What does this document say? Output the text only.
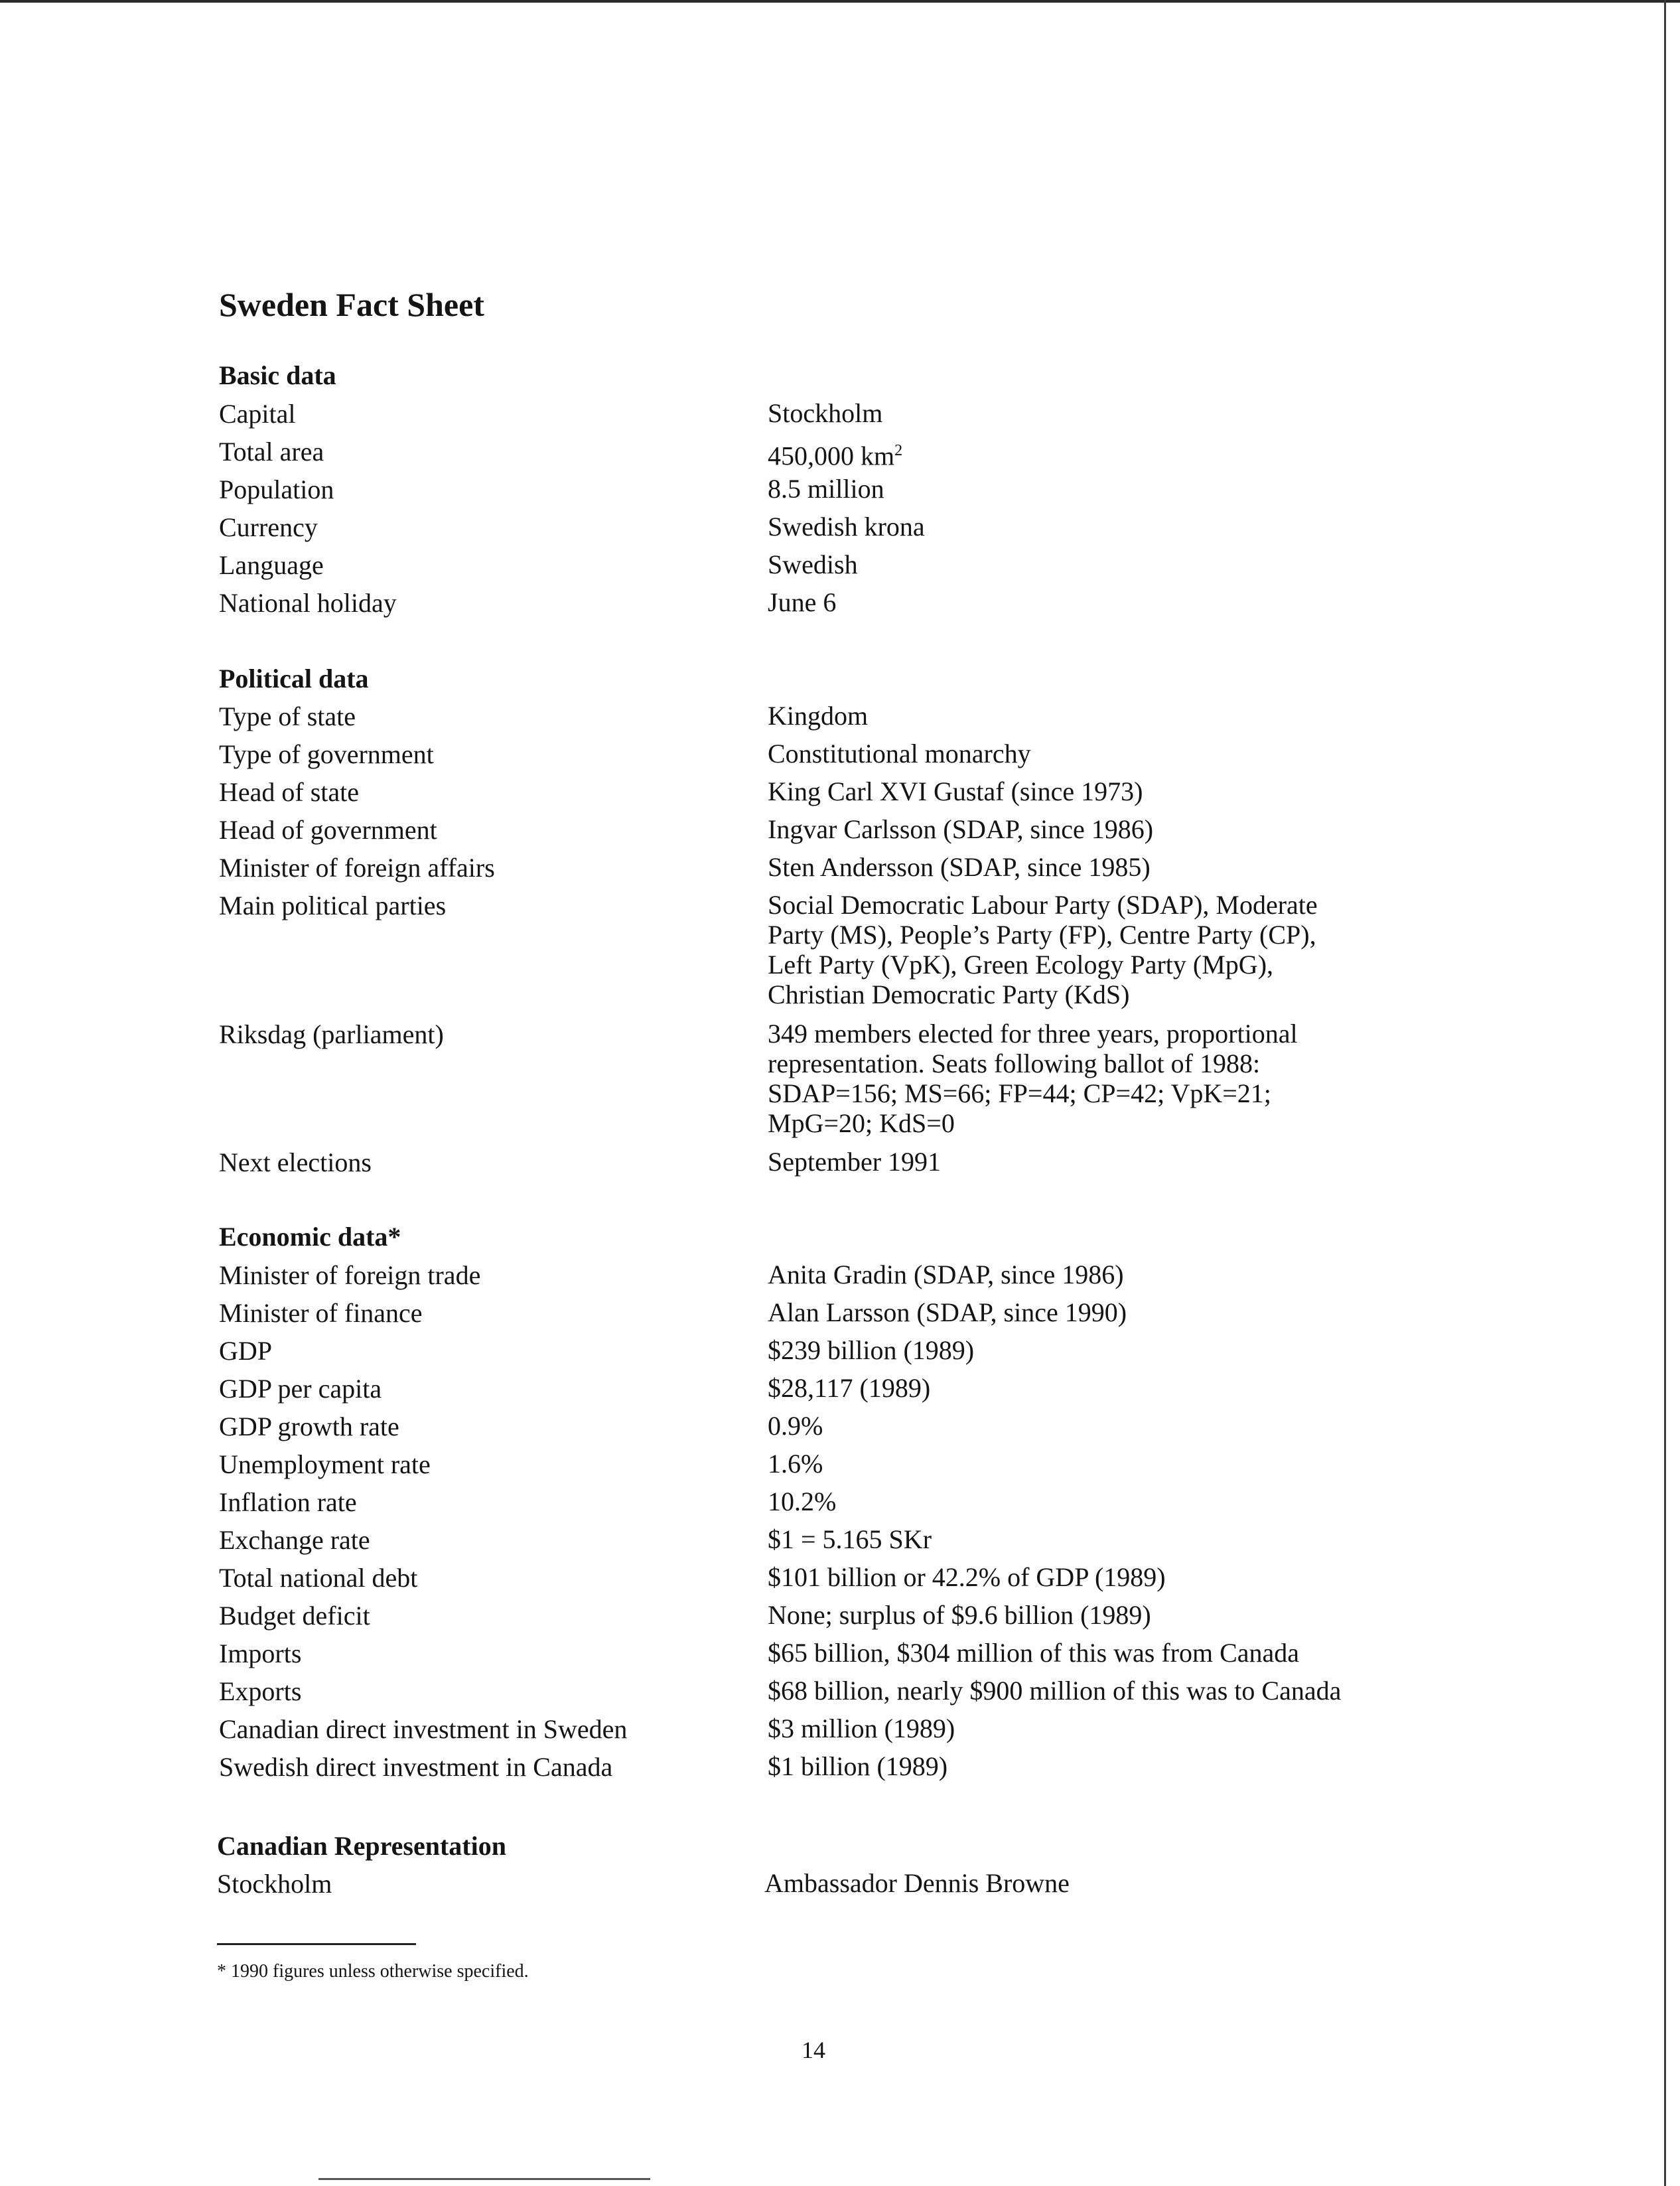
Sweden Fact Sheet
Basic data
Capital	Stockholm
Total area	450,000 $km^2$
Population	8.5 million
Currency	Swedish krona
Language	Swedish
National holiday	June 6
Political data
Type of state	Kingdom
Type of government	Constitutional monarchy
Head of state	King Carl XVI Gustaf (since 1973)
Head of government	Ingvar Carlsson (SDAP, since 1986)
Minister of foreign affairs	Sten Andersson (SDAP, since 1985)
Main political parties	Social Democratic Labour Party (SDAP), Moderate
Party (MS), People’s Party (FP), Centre Party (CP),
Left Party (VpK), Green Ecology Party (MpG),
Christian Democratic Party (KdS)
Riksdag (parliament)	349 members elected for three years, proportional
representation. Seats following ballot of 1988:
SDAP=156; MS=66; FP=44; CP=42; VpK=21;
MpG=20; KdS=0
Next elections	September 1991
Economic data*
Minister of foreign trade	Anita Gradin (SDAP, since 1986)
Minister of finance	Alan Larsson (SDAP, since 1990)
GDP	$239 billion (1989)
GDP per capita	$28,117 (1989)
GDP growth rate	0.9%
Unemployment rate	1.6%
Inflation rate	10.2%
Exchange rate	$1 = 5.165 SKr
Total national debt	$101 billion or 42.2% of GDP (1989)
Budget deficit	None; surplus of $9.6 billion (1989)
Imports	$65 billion, $304 million of this was from Canada
Exports	$68 billion, nearly $900 million of this was to Canada
Canadian direct investment in Sweden	$3 million (1989)
Swedish direct investment in Canada	$1 billion (1989)
Canadian Representation
Stockholm	Ambassador Dennis Browne
* 1990 figures unless otherwise specified.
14
